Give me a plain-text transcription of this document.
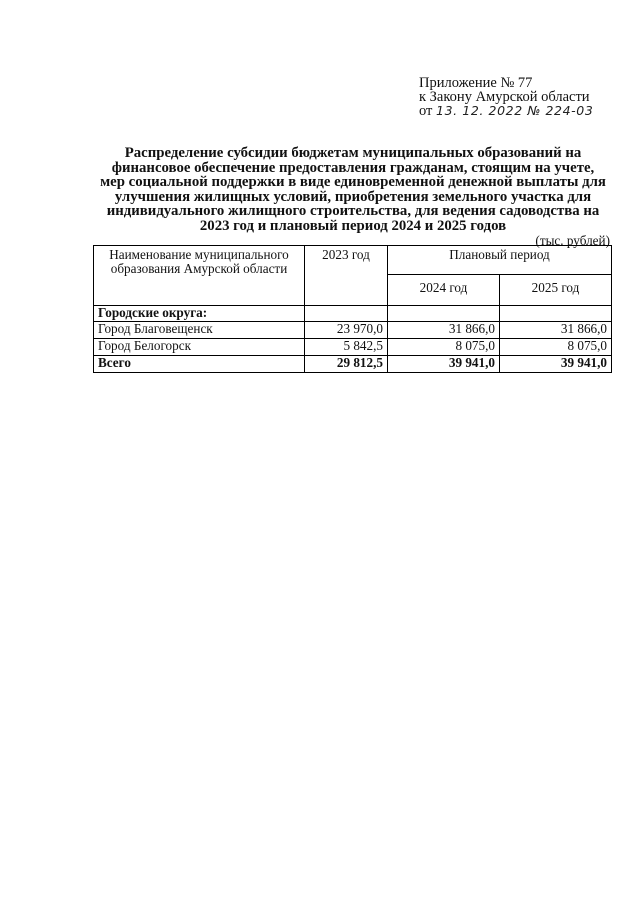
Приложение № 77
к Закону Амурской области
от 13. 12. 2022 № 224-03
Распределение субсидии бюджетам муниципальных образований на
финансовое обеспечение предоставления гражданам, стоящим на учете,
мер социальной поддержки в виде единовременной денежной выплаты для
улучшения жилищных условий, приобретения земельного участка для
индивидуального жилищного строительства, для ведения садоводства на
2023 год и плановый период 2024 и 2025 годов
(тыс. рублей)
Наименование муниципального
образования Амурской области	2023 год	Плановый период	
		2024 год	2025 год
Городские округа:			
Город Благовещенск	23 970,0	31 866,0	31 866,0
Город Белогорск	5 842,5	8 075,0	8 075,0
Всего	29 812,5	39 941,0	39 941,0
